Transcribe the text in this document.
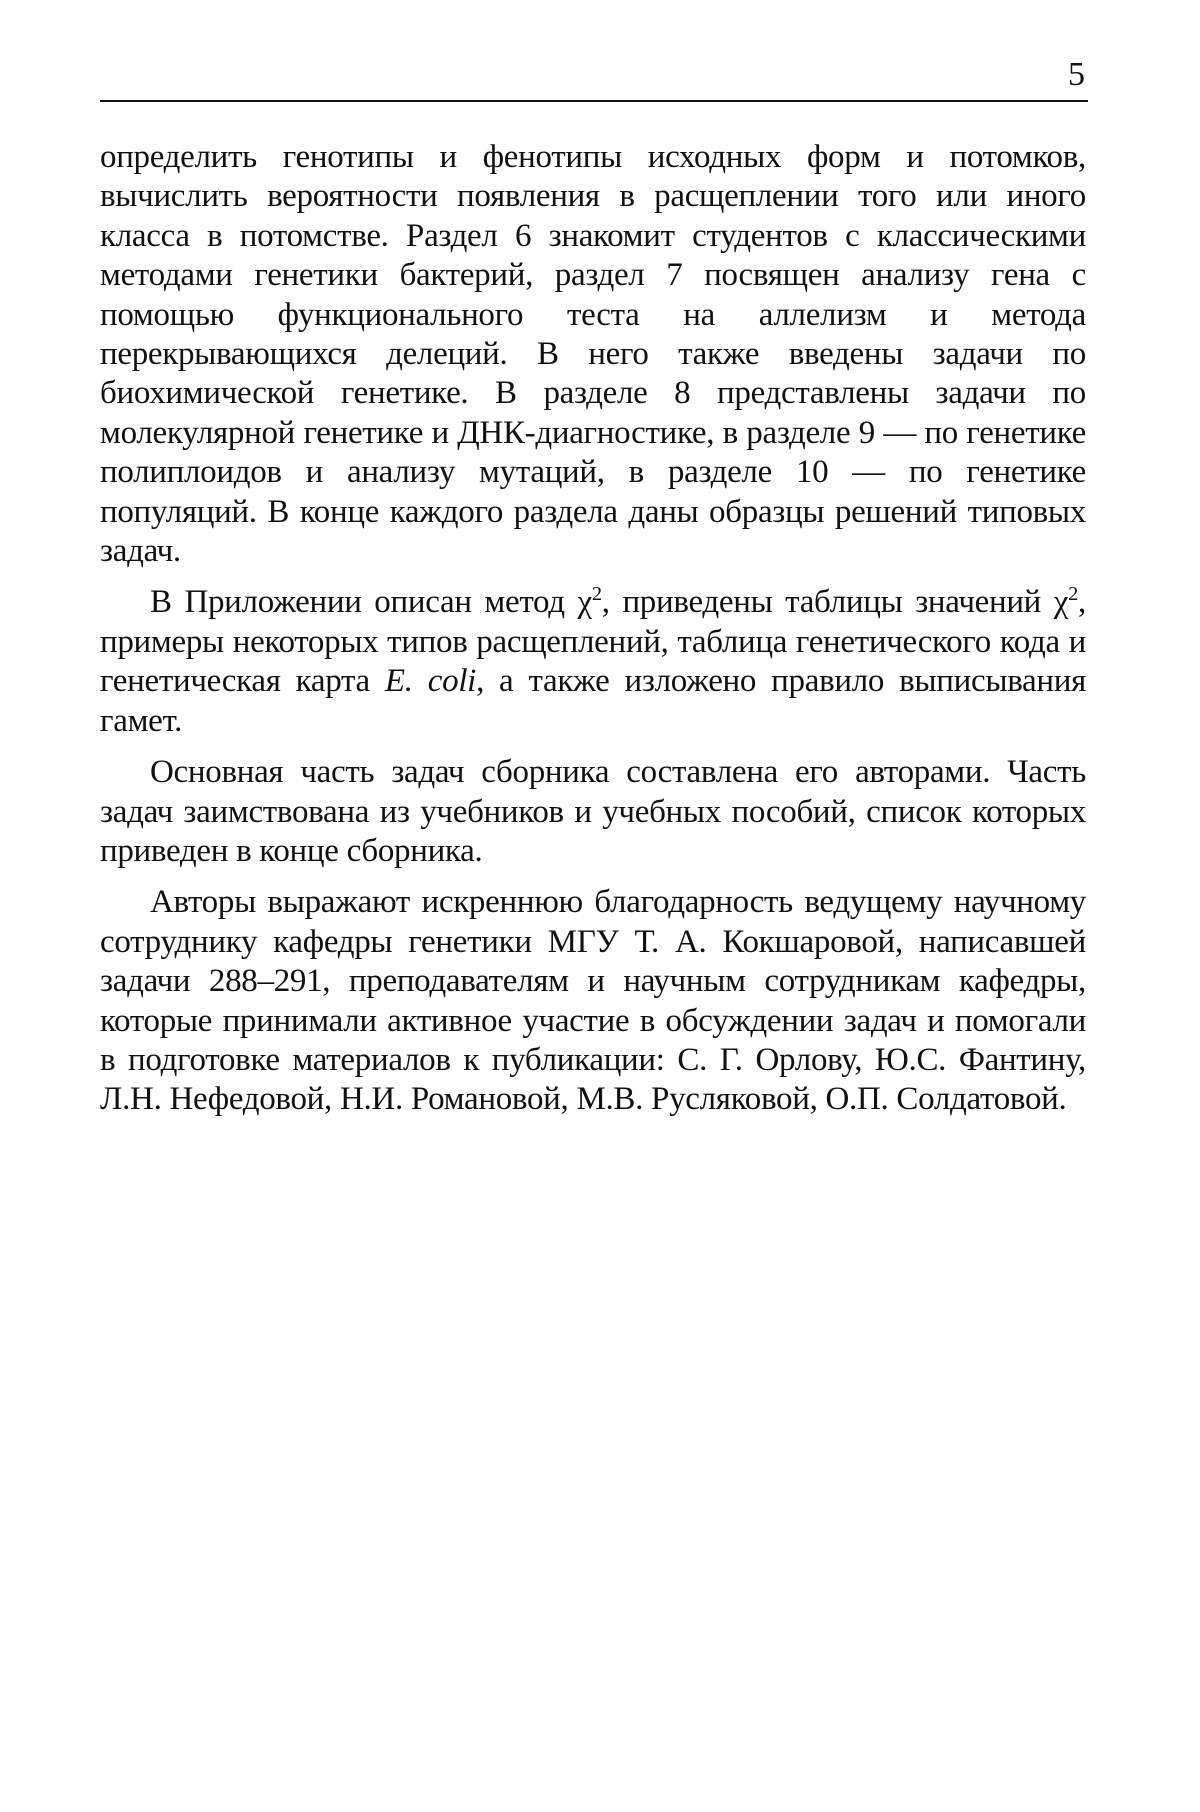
5

определить генотипы и фенотипы исходных форм и потомков, вычислить вероятности появления в расщеплении того или иного класса в потомстве. Раздел 6 знакомит студентов с классическими методами генетики бактерий, раздел 7 посвящен анализу гена с помощью функционального теста на аллелизм и метода перекрывающихся делеций. В него также введены задачи по биохимической генетике. В разделе 8 представлены задачи по молекулярной генетике и ДНК-диагностике, в разделе 9 — по генетике полиплоидов и анализу мутаций, в разделе 10 — по генетике популяций. В конце каждого раздела даны образцы решений типовых задач.

В Приложении описан метод $\chi^2$, приведены таблицы значений $\chi^2$, примеры некоторых типов расщеплений, таблица генетического кода и генетическая карта E. coli, а также изложено правило выписывания гамет.

Основная часть задач сборника составлена его авторами. Часть задач заимствована из учебников и учебных пособий, список которых приведен в конце сборника.

Авторы выражают искреннюю благодарность ведущему научному сотруднику кафедры генетики МГУ Т. А. Кокшаровой, написавшей задачи 288–291, преподавателям и научным сотрудникам кафедры, которые принимали активное участие в обсуждении задач и помогали в подготовке материалов к публикации: С. Г. Орлову, Ю.С. Фантину, Л.Н. Нефедовой, Н.И. Романовой, М.В. Русляковой, О.П. Солдатовой.
